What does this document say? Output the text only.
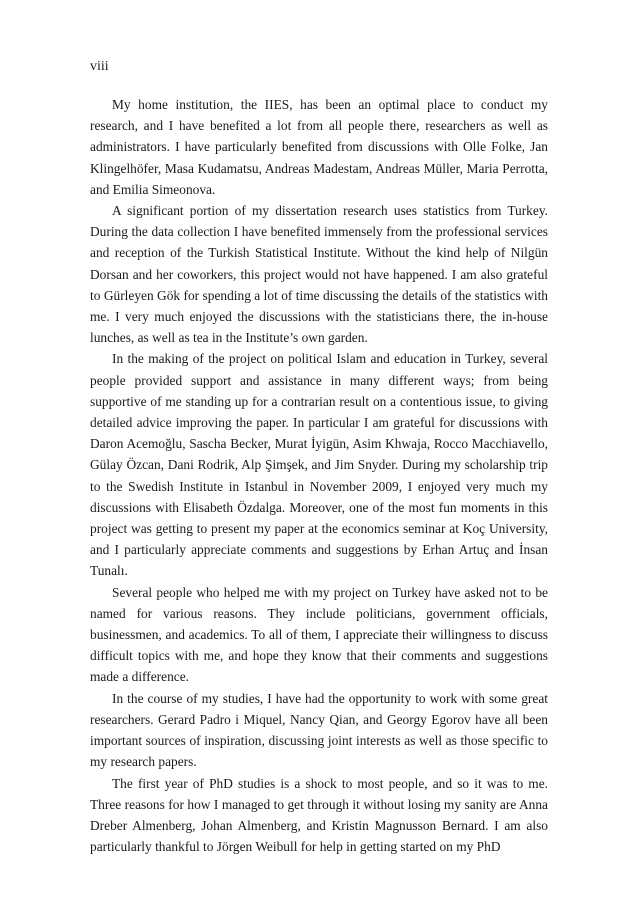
viii

My home institution, the IIES, has been an optimal place to conduct my research, and I have benefited a lot from all people there, researchers as well as administrators. I have particularly benefited from discussions with Olle Folke, Jan Klingelhöfer, Masa Kudamatsu, Andreas Madestam, Andreas Müller, Maria Perrotta, and Emilia Simeonova.

A significant portion of my dissertation research uses statistics from Turkey. During the data collection I have benefited immensely from the professional services and reception of the Turkish Statistical Institute. Without the kind help of Nilgün Dorsan and her coworkers, this project would not have happened. I am also grateful to Gürleyen Gök for spending a lot of time discussing the details of the statistics with me. I very much enjoyed the discussions with the statisticians there, the in-house lunches, as well as tea in the Institute’s own garden.

In the making of the project on political Islam and education in Turkey, several people provided support and assistance in many different ways; from being supportive of me standing up for a contrarian result on a contentious issue, to giving detailed advice improving the paper. In particular I am grateful for discussions with Daron Acemoğlu, Sascha Becker, Murat İyigün, Asim Khwaja, Rocco Macchiavello, Gülay Özcan, Dani Rodrik, Alp Şimşek, and Jim Snyder. During my scholarship trip to the Swedish Institute in Istanbul in November 2009, I enjoyed very much my discussions with Elisabeth Özdalga. Moreover, one of the most fun moments in this project was getting to present my paper at the economics seminar at Koç University, and I particularly appreciate comments and suggestions by Erhan Artuç and İnsan Tunalı.

Several people who helped me with my project on Turkey have asked not to be named for various reasons. They include politicians, government officials, businessmen, and academics. To all of them, I appreciate their willingness to discuss difficult topics with me, and hope they know that their comments and suggestions made a difference.

In the course of my studies, I have had the opportunity to work with some great researchers. Gerard Padro i Miquel, Nancy Qian, and Georgy Egorov have all been important sources of inspiration, discussing joint interests as well as those specific to my research papers.

The first year of PhD studies is a shock to most people, and so it was to me. Three reasons for how I managed to get through it without losing my sanity are Anna Dreber Almenberg, Johan Almenberg, and Kristin Magnusson Bernard. I am also particularly thankful to Jörgen Weibull for help in getting started on my PhD
